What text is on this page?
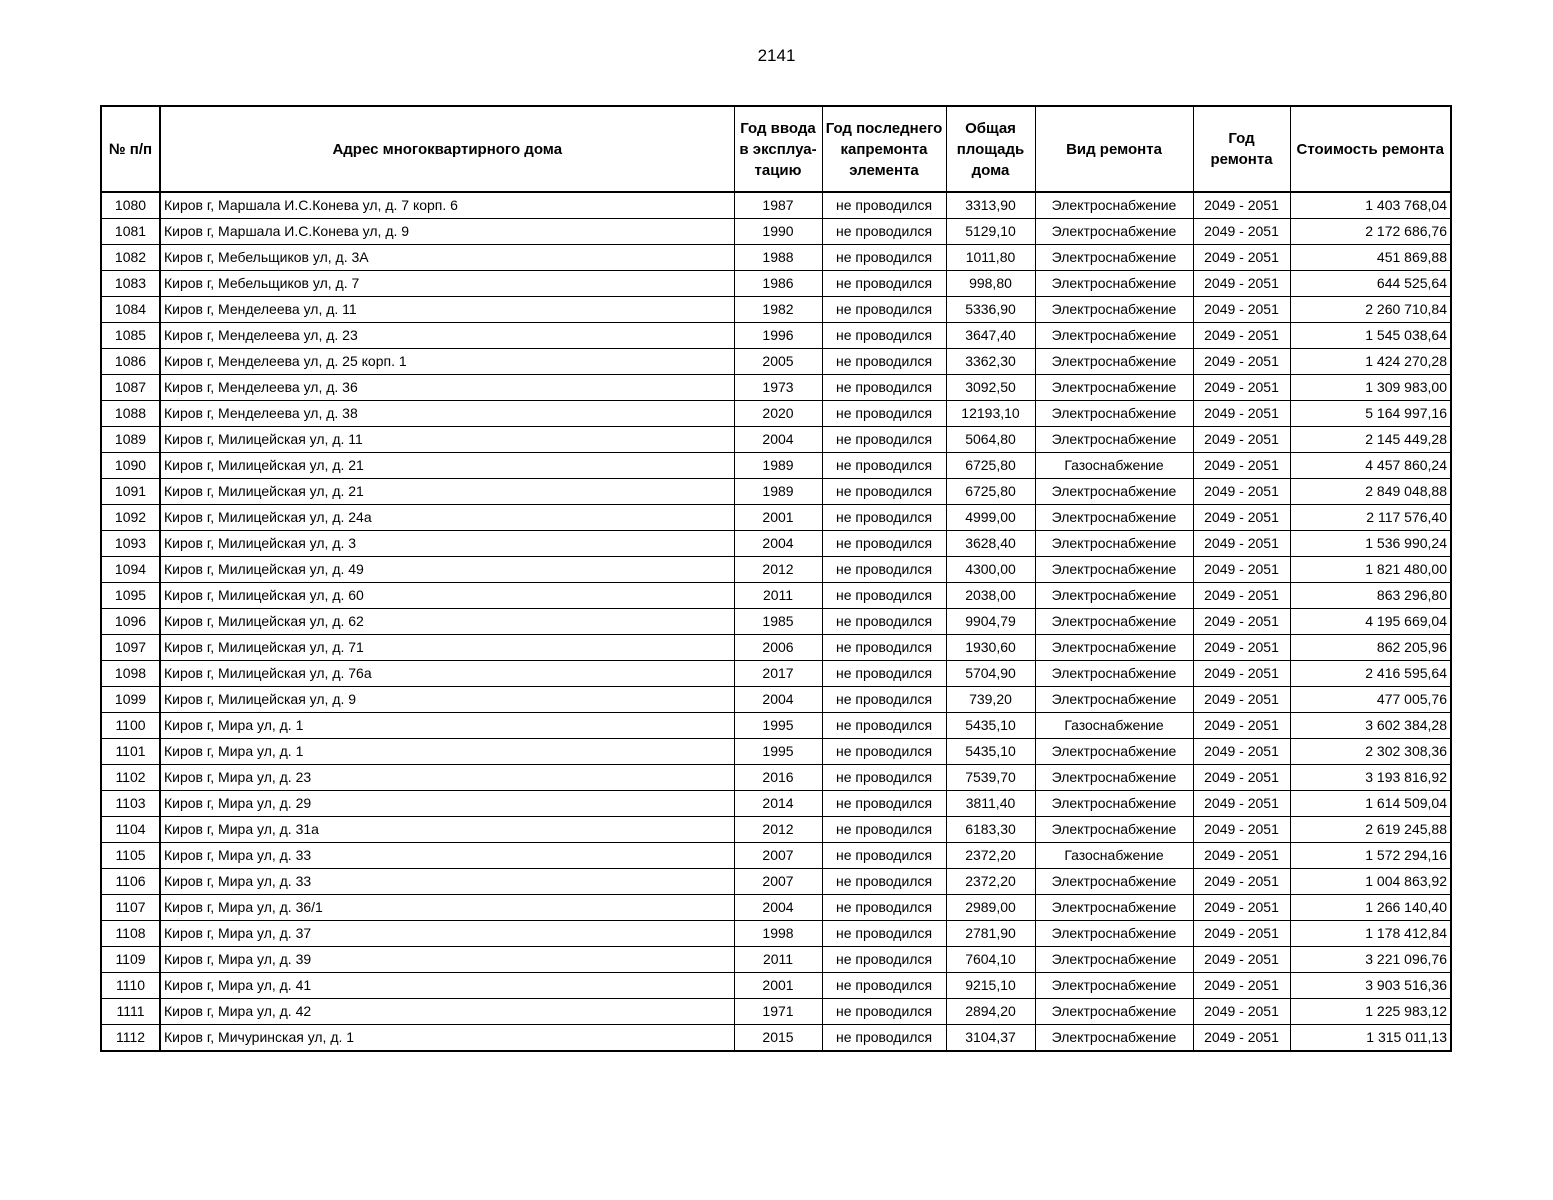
2141
№ п/п	Адрес многоквартирного дома	Год ввода в эксплуа-тацию	Год последнего капремонта элемента	Общая площадь дома	Вид ремонта	Год ремонта	Стоимость ремонта
1080	Киров г, Маршала И.С.Конева ул, д. 7 корп. 6	1987	не проводился	3313,90	Электроснабжение	2049 - 2051	1 403 768,04
1081	Киров г, Маршала И.С.Конева ул, д. 9	1990	не проводился	5129,10	Электроснабжение	2049 - 2051	2 172 686,76
1082	Киров г, Мебельщиков ул, д. 3А	1988	не проводился	1011,80	Электроснабжение	2049 - 2051	451 869,88
1083	Киров г, Мебельщиков ул, д. 7	1986	не проводился	998,80	Электроснабжение	2049 - 2051	644 525,64
1084	Киров г, Менделеева ул, д. 11	1982	не проводился	5336,90	Электроснабжение	2049 - 2051	2 260 710,84
1085	Киров г, Менделеева ул, д. 23	1996	не проводился	3647,40	Электроснабжение	2049 - 2051	1 545 038,64
1086	Киров г, Менделеева ул, д. 25 корп. 1	2005	не проводился	3362,30	Электроснабжение	2049 - 2051	1 424 270,28
1087	Киров г, Менделеева ул, д. 36	1973	не проводился	3092,50	Электроснабжение	2049 - 2051	1 309 983,00
1088	Киров г, Менделеева ул, д. 38	2020	не проводился	12193,10	Электроснабжение	2049 - 2051	5 164 997,16
1089	Киров г, Милицейская ул, д. 11	2004	не проводился	5064,80	Электроснабжение	2049 - 2051	2 145 449,28
1090	Киров г, Милицейская ул, д. 21	1989	не проводился	6725,80	Газоснабжение	2049 - 2051	4 457 860,24
1091	Киров г, Милицейская ул, д. 21	1989	не проводился	6725,80	Электроснабжение	2049 - 2051	2 849 048,88
1092	Киров г, Милицейская ул, д. 24а	2001	не проводился	4999,00	Электроснабжение	2049 - 2051	2 117 576,40
1093	Киров г, Милицейская ул, д. 3	2004	не проводился	3628,40	Электроснабжение	2049 - 2051	1 536 990,24
1094	Киров г, Милицейская ул, д. 49	2012	не проводился	4300,00	Электроснабжение	2049 - 2051	1 821 480,00
1095	Киров г, Милицейская ул, д. 60	2011	не проводился	2038,00	Электроснабжение	2049 - 2051	863 296,80
1096	Киров г, Милицейская ул, д. 62	1985	не проводился	9904,79	Электроснабжение	2049 - 2051	4 195 669,04
1097	Киров г, Милицейская ул, д. 71	2006	не проводился	1930,60	Электроснабжение	2049 - 2051	862 205,96
1098	Киров г, Милицейская ул, д. 76а	2017	не проводился	5704,90	Электроснабжение	2049 - 2051	2 416 595,64
1099	Киров г, Милицейская ул, д. 9	2004	не проводился	739,20	Электроснабжение	2049 - 2051	477 005,76
1100	Киров г, Мира ул, д. 1	1995	не проводился	5435,10	Газоснабжение	2049 - 2051	3 602 384,28
1101	Киров г, Мира ул, д. 1	1995	не проводился	5435,10	Электроснабжение	2049 - 2051	2 302 308,36
1102	Киров г, Мира ул, д. 23	2016	не проводился	7539,70	Электроснабжение	2049 - 2051	3 193 816,92
1103	Киров г, Мира ул, д. 29	2014	не проводился	3811,40	Электроснабжение	2049 - 2051	1 614 509,04
1104	Киров г, Мира ул, д. 31а	2012	не проводился	6183,30	Электроснабжение	2049 - 2051	2 619 245,88
1105	Киров г, Мира ул, д. 33	2007	не проводился	2372,20	Газоснабжение	2049 - 2051	1 572 294,16
1106	Киров г, Мира ул, д. 33	2007	не проводился	2372,20	Электроснабжение	2049 - 2051	1 004 863,92
1107	Киров г, Мира ул, д. 36/1	2004	не проводился	2989,00	Электроснабжение	2049 - 2051	1 266 140,40
1108	Киров г, Мира ул, д. 37	1998	не проводился	2781,90	Электроснабжение	2049 - 2051	1 178 412,84
1109	Киров г, Мира ул, д. 39	2011	не проводился	7604,10	Электроснабжение	2049 - 2051	3 221 096,76
1110	Киров г, Мира ул, д. 41	2001	не проводился	9215,10	Электроснабжение	2049 - 2051	3 903 516,36
1111	Киров г, Мира ул, д. 42	1971	не проводился	2894,20	Электроснабжение	2049 - 2051	1 225 983,12
1112	Киров г, Мичуринская ул, д. 1	2015	не проводился	3104,37	Электроснабжение	2049 - 2051	1 315 011,13
